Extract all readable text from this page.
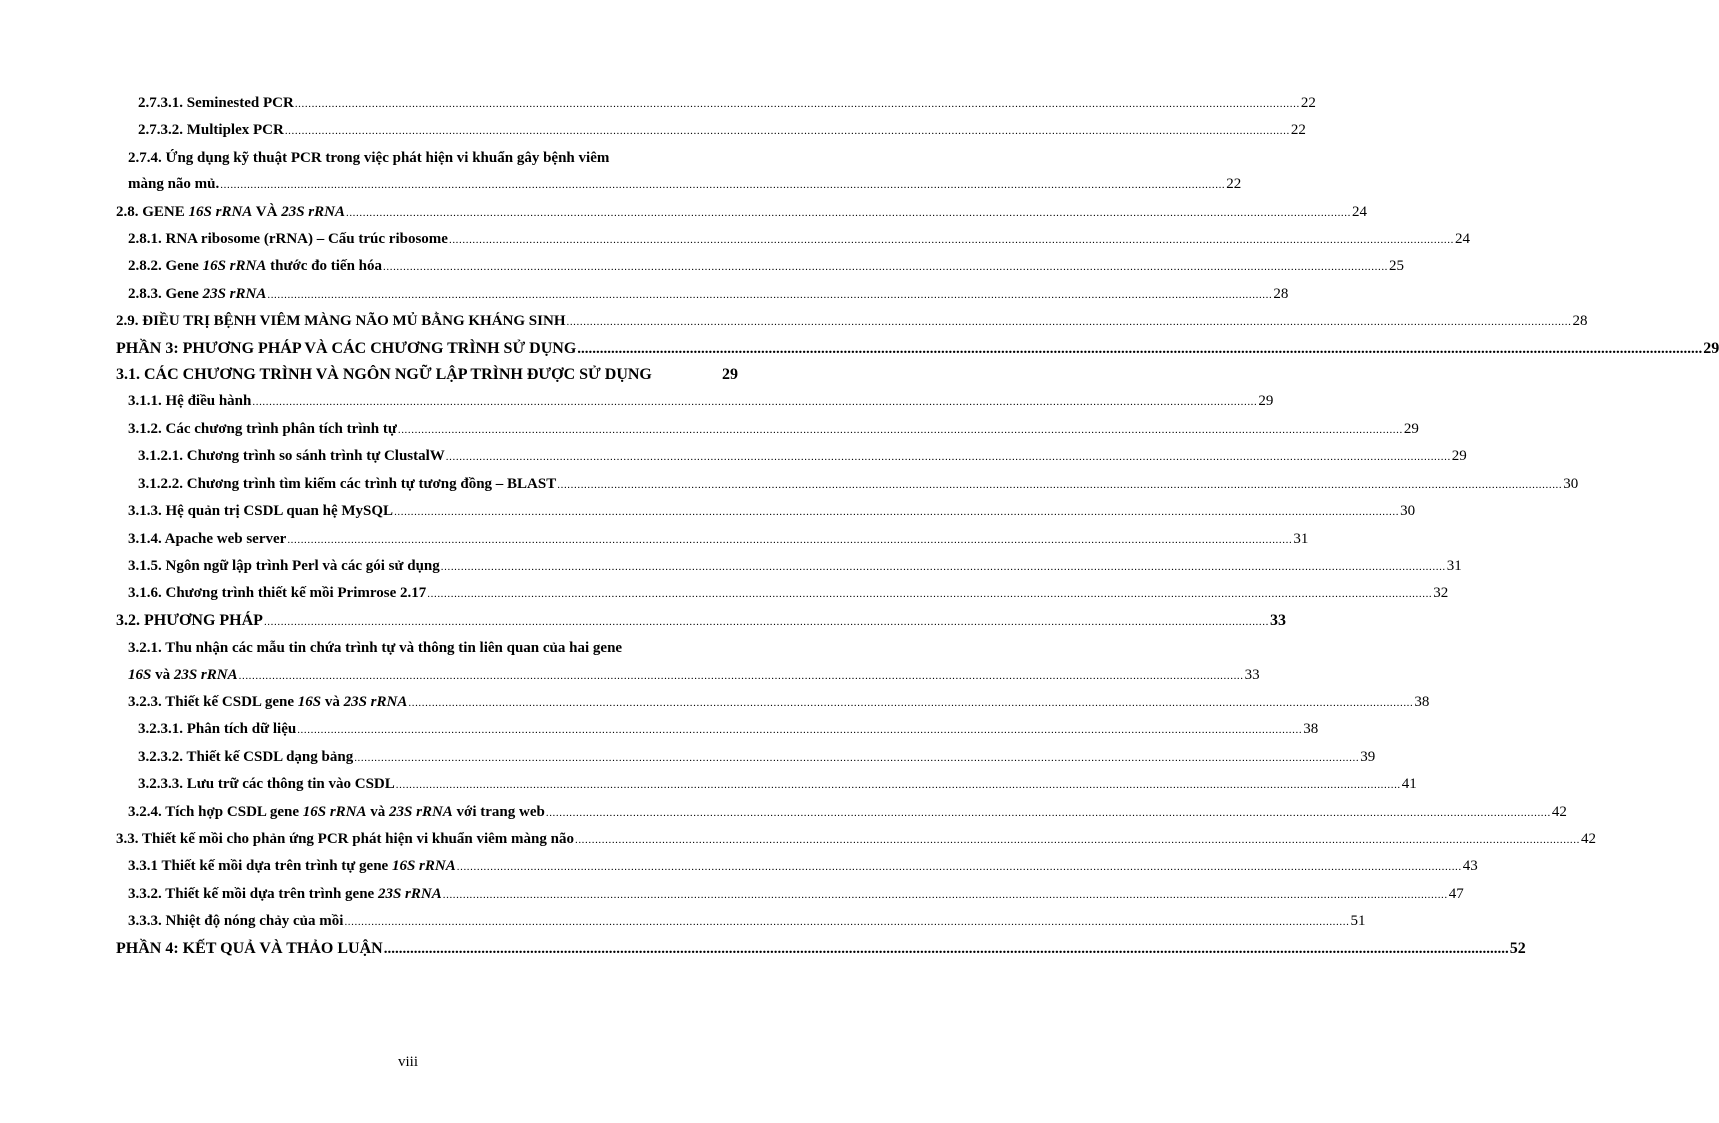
2.7.3.1. Seminested PCR ............................................................................................................................................................................................................................................................................................................ 22
2.7.3.2. Multiplex PCR ............................................................................................................................................................................................................................................................................................................ 22
2.7.4. Ứng dụng kỹ thuật PCR trong việc phát hiện vi khuẩn gây bệnh viêm
màng não mủ. ............................................................................................................................................................................................................................................................................................................ 22
2.8. GENE 16S rRNA VÀ 23S rRNA ............................................................................................................................................................................................................................................................................................................ 24
2.8.1. RNA ribosome (rRNA) – Cấu trúc ribosome ............................................................................................................................................................................................................................................................................................................ 24
2.8.2. Gene 16S rRNA thước đo tiến hóa ............................................................................................................................................................................................................................................................................................................ 25
2.8.3. Gene 23S rRNA ............................................................................................................................................................................................................................................................................................................ 28
2.9. ĐIỀU TRỊ BỆNH VIÊM MÀNG NÃO MỦ BẰNG KHÁNG SINH ............................................................................................................................................................................................................................................................................................................ 28
PHẦN 3: PHƯƠNG PHÁP VÀ CÁC CHƯƠNG TRÌNH SỬ DỤNG ............................................................................................................................................................................................................................................................................................................ 29
3.1. CÁC CHƯƠNG TRÌNH VÀ NGÔN NGỮ LẬP TRÌNH ĐƯỢC SỬ DỤNG	29
3.1.1. Hệ điều hành ............................................................................................................................................................................................................................................................................................................ 29
3.1.2. Các chương trình phân tích trình tự ............................................................................................................................................................................................................................................................................................................ 29
3.1.2.1. Chương trình so sánh trình tự ClustalW ............................................................................................................................................................................................................................................................................................................ 29
3.1.2.2. Chương trình tìm kiếm các trình tự tương đồng – BLAST ............................................................................................................................................................................................................................................................................................................ 30
3.1.3. Hệ quản trị CSDL quan hệ MySQL ............................................................................................................................................................................................................................................................................................................ 30
3.1.4. Apache web server ............................................................................................................................................................................................................................................................................................................ 31
3.1.5. Ngôn ngữ lập trình Perl và các gói sử dụng ............................................................................................................................................................................................................................................................................................................ 31
3.1.6. Chương trình thiết kế mồi Primrose 2.17 ............................................................................................................................................................................................................................................................................................................ 32
3.2. PHƯƠNG PHÁP ............................................................................................................................................................................................................................................................................................................ 33
3.2.1. Thu nhận các mẫu tin chứa trình tự và thông tin liên quan của hai gene
16S và 23S rRNA ............................................................................................................................................................................................................................................................................................................ 33
3.2.3. Thiết kế CSDL gene 16S và 23S rRNA ............................................................................................................................................................................................................................................................................................................ 38
3.2.3.1. Phân tích dữ liệu ............................................................................................................................................................................................................................................................................................................ 38
3.2.3.2. Thiết kế CSDL dạng bảng ............................................................................................................................................................................................................................................................................................................ 39
3.2.3.3. Lưu trữ các thông tin vào CSDL ............................................................................................................................................................................................................................................................................................................ 41
3.2.4. Tích hợp CSDL gene 16S rRNA và 23S rRNA với trang web ............................................................................................................................................................................................................................................................................................................ 42
3.3. Thiết kế mồi cho phản ứng PCR phát hiện vi khuẩn viêm màng não ............................................................................................................................................................................................................................................................................................................ 42
3.3.1 Thiết kế mồi dựa trên trình tự gene 16S rRNA ............................................................................................................................................................................................................................................................................................................ 43
3.3.2. Thiết kế mồi dựa trên trình gene 23S rRNA ............................................................................................................................................................................................................................................................................................................ 47
3.3.3. Nhiệt độ nóng chảy của mồi ............................................................................................................................................................................................................................................................................................................ 51
PHẦN 4: KẾT QUẢ VÀ THẢO LUẬN ............................................................................................................................................................................................................................................................................................................ 52
viii
